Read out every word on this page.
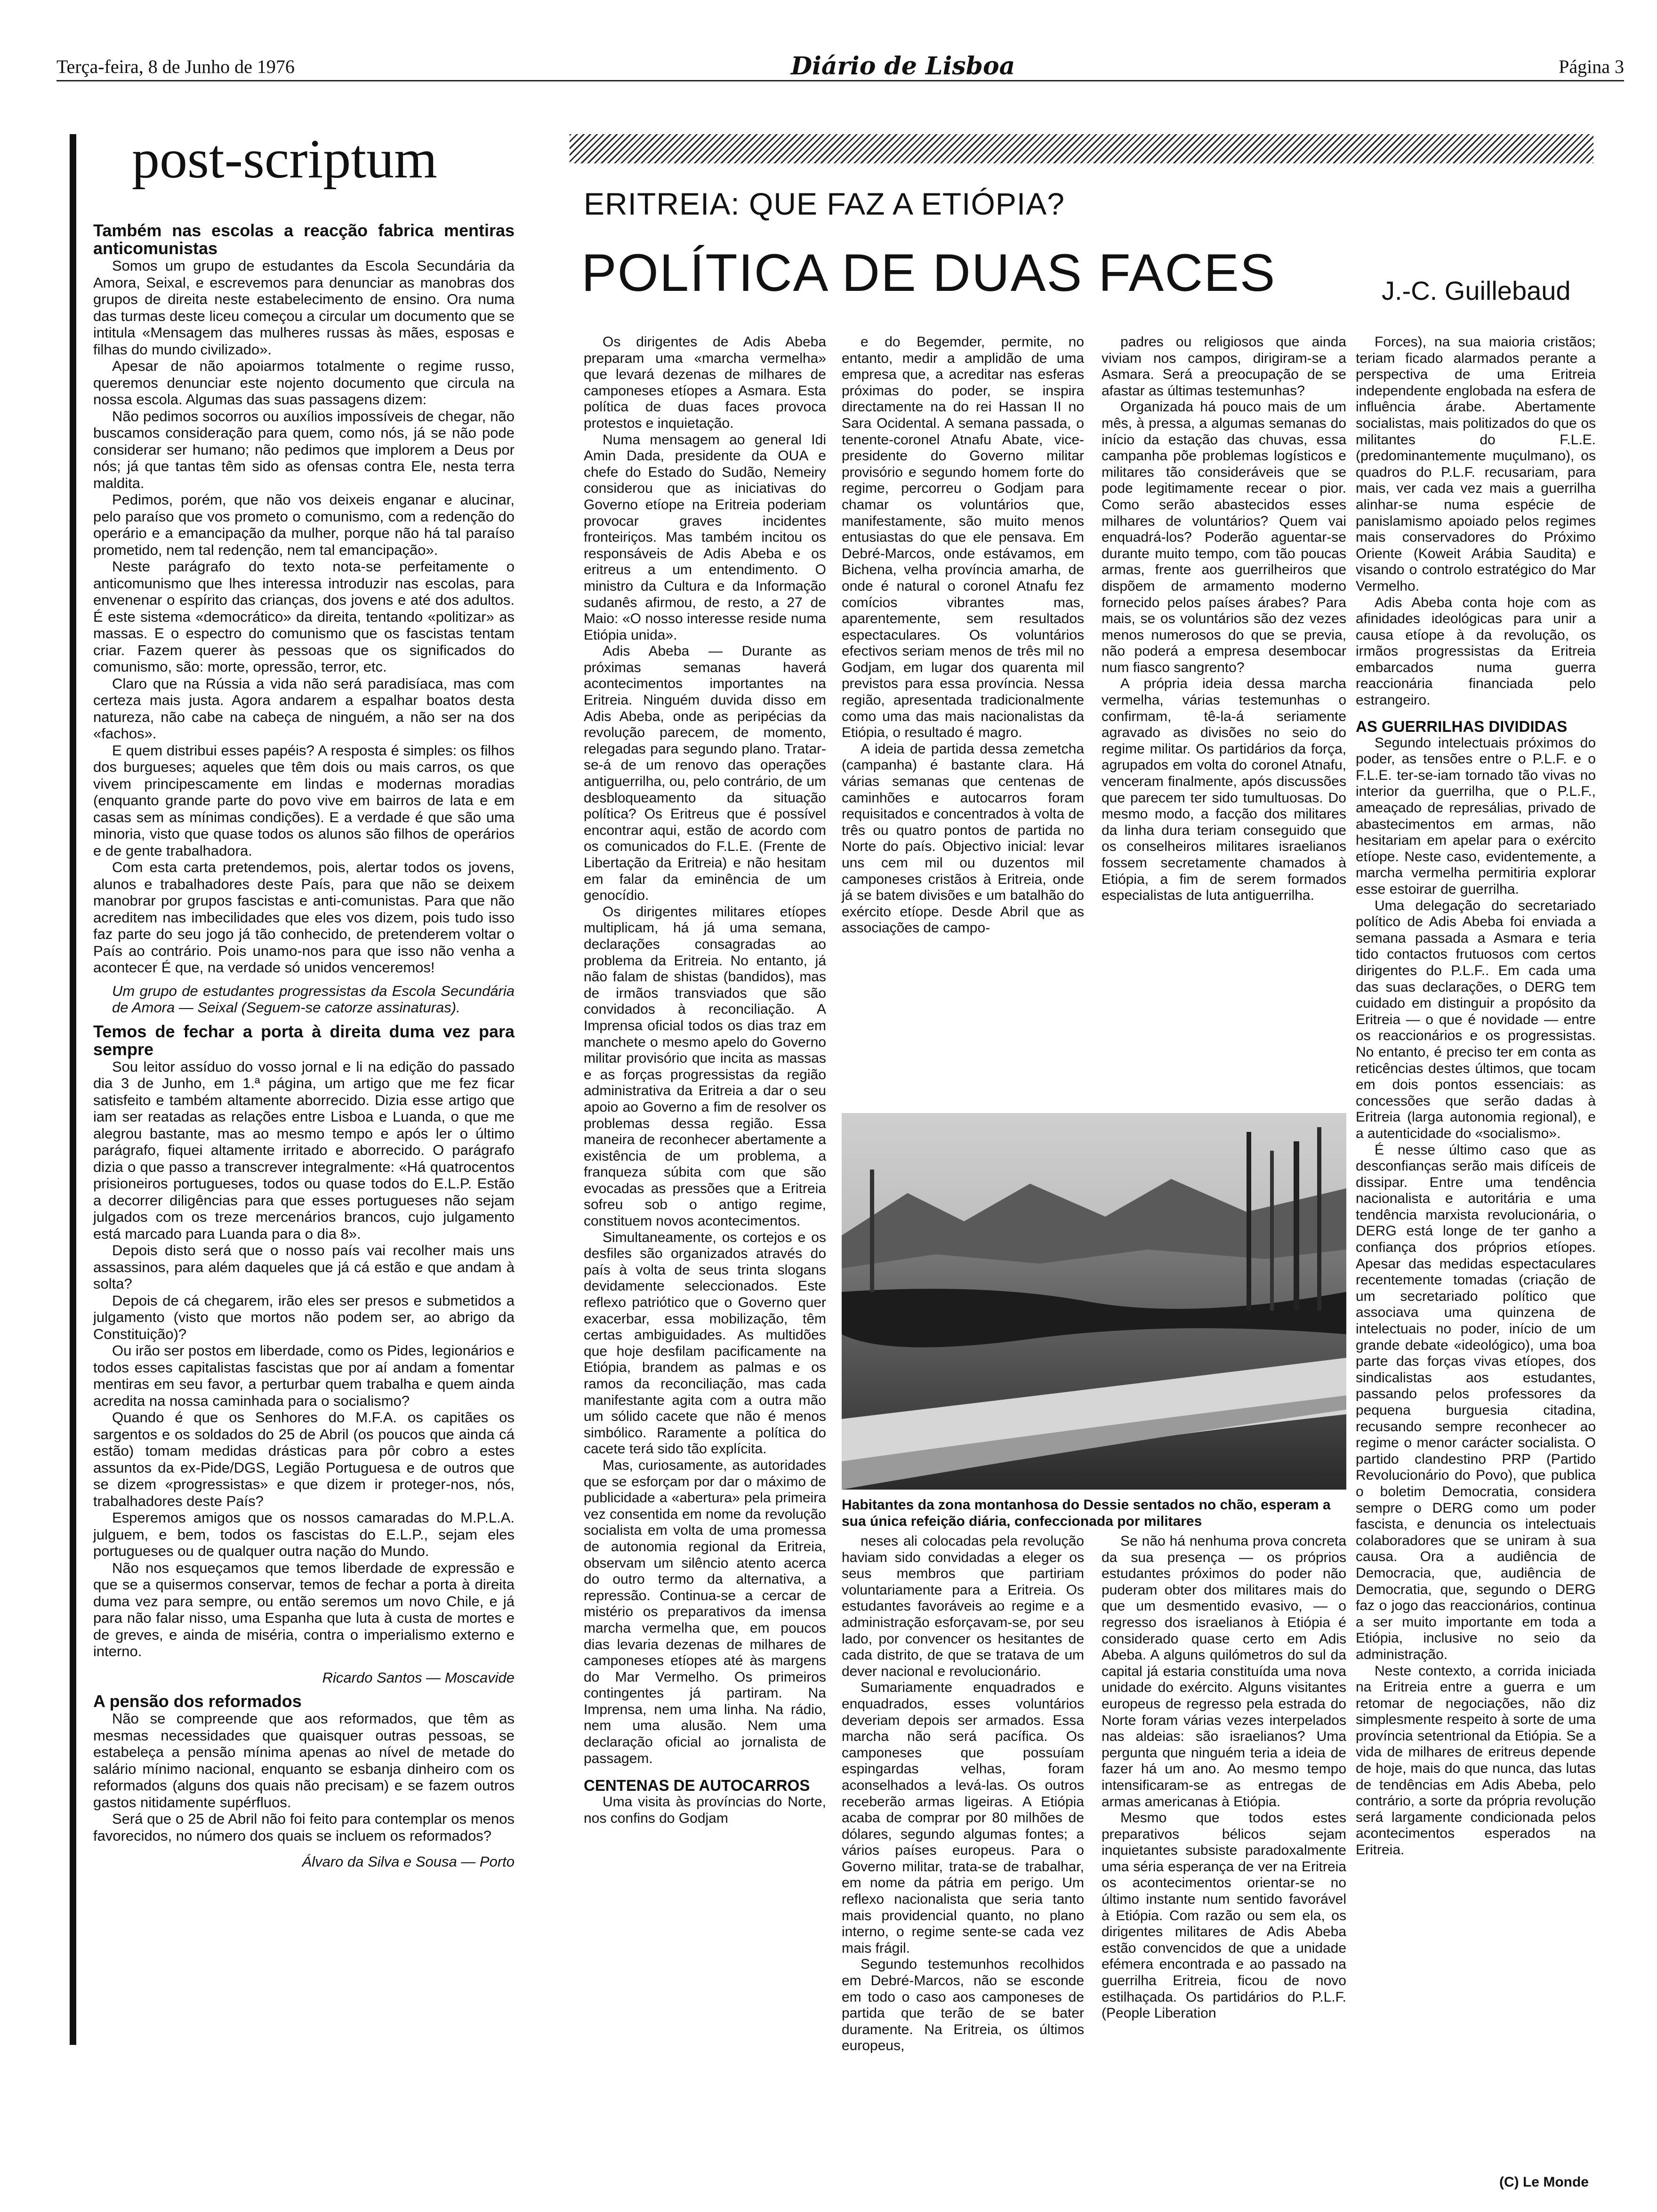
Terça-feira, 8 de Junho de 1976	Diário de Lisboa	Página 3
post-scriptum

Também nas escolas a reacção fabrica mentiras anticomunistas

Somos um grupo de estudantes da Escola Secundária da Amora, Seixal, e escrevemos para denunciar as manobras dos grupos de direita neste estabelecimento de ensino. Ora numa das turmas deste liceu começou a circular um documento que se intitula «Mensagem das mulheres russas às mães, esposas e filhas do mundo civilizado».

Apesar de não apoiarmos totalmente o regime russo, queremos denunciar este nojento documento que circula na nossa escola. Algumas das suas passagens dizem:

Não pedimos socorros ou auxílios impossíveis de chegar, não buscamos consideração para quem, como nós, já se não pode considerar ser humano; não pedimos que implorem a Deus por nós; já que tantas têm sido as ofensas contra Ele, nesta terra maldita.

Pedimos, porém, que não vos deixeis enganar e alucinar, pelo paraíso que vos prometo o comunismo, com a redenção do operário e a emancipação da mulher, porque não há tal paraíso prometido, nem tal redenção, nem tal emancipação».

Neste parágrafo do texto nota-se perfeitamente o anticomunismo que lhes interessa introduzir nas escolas, para envenenar o espírito das crianças, dos jovens e até dos adultos. É este sistema «democrático» da direita, tentando «politizar» as massas. E o espectro do comunismo que os fascistas tentam criar. Fazem querer às pessoas que os significados do comunismo, são: morte, opressão, terror, etc.

Claro que na Rússia a vida não será paradisíaca, mas com certeza mais justa. Agora andarem a espalhar boatos desta natureza, não cabe na cabeça de ninguém, a não ser na dos «fachos».

E quem distribui esses papéis? A resposta é simples: os filhos dos burgueses; aqueles que têm dois ou mais carros, os que vivem principescamente em lindas e modernas moradias (enquanto grande parte do povo vive em bairros de lata e em casas sem as mínimas condições). E a verdade é que são uma minoria, visto que quase todos os alunos são filhos de operários e de gente trabalhadora.

Com esta carta pretendemos, pois, alertar todos os jovens, alunos e trabalhadores deste País, para que não se deixem manobrar por grupos fascistas e anti-comunistas. Para que não acreditem nas imbecilidades que eles vos dizem, pois tudo isso faz parte do seu jogo já tão conhecido, de pretenderem voltar o País ao contrário. Pois unamo-nos para que isso não venha a acontecer É que, na verdade só unidos venceremos!

Um grupo de estudantes progressistas da Escola Secundária de Amora — Seixal (Seguem-se catorze assinaturas).

Temos de fechar a porta à direita duma vez para sempre

Sou leitor assíduo do vosso jornal e li na edição do passado dia 3 de Junho, em 1.ª página, um artigo que me fez ficar satisfeito e também altamente aborrecido. Dizia esse artigo que iam ser reatadas as relações entre Lisboa e Luanda, o que me alegrou bastante, mas ao mesmo tempo e após ler o último parágrafo, fiquei altamente irritado e aborrecido. O parágrafo dizia o que passo a transcrever integralmente: «Há quatrocentos prisioneiros portugueses, todos ou quase todos do E.L.P. Estão a decorrer diligências para que esses portugueses não sejam julgados com os treze mercenários brancos, cujo julgamento está marcado para Luanda para o dia 8».

Depois disto será que o nosso país vai recolher mais uns assassinos, para além daqueles que já cá estão e que andam à solta?

Depois de cá chegarem, irão eles ser presos e submetidos a julgamento (visto que mortos não podem ser, ao abrigo da Constituição)?

Ou irão ser postos em liberdade, como os Pides, legionários e todos esses capitalistas fascistas que por aí andam a fomentar mentiras em seu favor, a perturbar quem trabalha e quem ainda acredita na nossa caminhada para o socialismo?

Quando é que os Senhores do M.F.A. os capitães os sargentos e os soldados do 25 de Abril (os poucos que ainda cá estão) tomam medidas drásticas para pôr cobro a estes assuntos da ex-Pide/DGS, Legião Portuguesa e de outros que se dizem «progressistas» e que dizem ir proteger-nos, nós, trabalhadores deste País?

Esperemos amigos que os nossos camaradas do M.P.L.A. julguem, e bem, todos os fascistas do E.L.P., sejam eles portugueses ou de qualquer outra nação do Mundo.

Não nos esqueçamos que temos liberdade de expressão e que se a quisermos conservar, temos de fechar a porta à direita duma vez para sempre, ou então seremos um novo Chile, e já para não falar nisso, uma Espanha que luta à custa de mortes e de greves, e ainda de miséria, contra o imperialismo externo e interno.

Ricardo Santos — Moscavide

A pensão dos reformados

Não se compreende que aos reformados, que têm as mesmas necessidades que quaisquer outras pessoas, se estabeleça a pensão mínima apenas ao nível de metade do salário mínimo nacional, enquanto se esbanja dinheiro com os reformados (alguns dos quais não precisam) e se fazem outros gastos nitidamente supérfluos.

Será que o 25 de Abril não foi feito para contemplar os menos favorecidos, no número dos quais se incluem os reformados?

Álvaro da Silva e Sousa — Porto

ERITREIA: QUE FAZ A ETIÓPIA?
POLÍTICA DE DUAS FACES	J.-C. Guillebaud

Os dirigentes de Adis Abeba preparam uma «marcha vermelha» que levará dezenas de milhares de camponeses etíopes a Asmara. Esta política de duas faces provoca protestos e inquietação.

Numa mensagem ao general Idi Amin Dada, presidente da OUA e chefe do Estado do Sudão, Nemeiry considerou que as iniciativas do Governo etíope na Eritreia poderiam provocar graves incidentes fronteiriços. Mas também incitou os responsáveis de Adis Abeba e os eritreus a um entendimento. O ministro da Cultura e da Informação sudanês afirmou, de resto, a 27 de Maio: «O nosso interesse reside numa Etiópia unida».

Adis Abeba — Durante as próximas semanas haverá acontecimentos importantes na Eritreia. Ninguém duvida disso em Adis Abeba, onde as peripécias da revolução parecem, de momento, relegadas para segundo plano. Tratar-se-á de um renovo das operações antiguerrilha, ou, pelo contrário, de um desbloqueamento da situação política? Os Eritreus que é possível encontrar aqui, estão de acordo com os comunicados do F.L.E. (Frente de Libertação da Eritreia) e não hesitam em falar da eminência de um genocídio.

Os dirigentes militares etíopes multiplicam, há já uma semana, declarações consagradas ao problema da Eritreia. No entanto, já não falam de shistas (bandidos), mas de irmãos transviados que são convidados à reconciliação. A Imprensa oficial todos os dias traz em manchete o mesmo apelo do Governo militar provisório que incita as massas e as forças progressistas da região administrativa da Eritreia a dar o seu apoio ao Governo a fim de resolver os problemas dessa região. Essa maneira de reconhecer abertamente a existência de um problema, a franqueza súbita com que são evocadas as pressões que a Eritreia sofreu sob o antigo regime, constituem novos acontecimentos.

Simultaneamente, os cortejos e os desfiles são organizados através do país à volta de seus trinta slogans devidamente seleccionados. Este reflexo patriótico que o Governo quer exacerbar, essa mobilização, têm certas ambiguidades. As multidões que hoje desfilam pacificamente na Etiópia, brandem as palmas e os ramos da reconciliação, mas cada manifestante agita com a outra mão um sólido cacete que não é menos simbólico. Raramente a política do cacete terá sido tão explícita.

Mas, curiosamente, as autoridades que se esforçam por dar o máximo de publicidade a «abertura» pela primeira vez consentida em nome da revolução socialista em volta de uma promessa de autonomia regional da Eritreia, observam um silêncio atento acerca do outro termo da alternativa, a repressão. Continua-se a cercar de mistério os preparativos da imensa marcha vermelha que, em poucos dias levaria dezenas de milhares de camponeses etíopes até às margens do Mar Vermelho. Os primeiros contingentes já partiram. Na Imprensa, nem uma linha. Na rádio, nem uma alusão. Nem uma declaração oficial ao jornalista de passagem.

CENTENAS DE AUTOCARROS

Uma visita às províncias do Norte, nos confins do Godjam

e do Begemder, permite, no entanto, medir a amplidão de uma empresa que, a acreditar nas esferas próximas do poder, se inspira directamente na do rei Hassan II no Sara Ocidental. A semana passada, o tenente-coronel Atnafu Abate, vice-presidente do Governo militar provisório e segundo homem forte do regime, percorreu o Godjam para chamar os voluntários que, manifestamente, são muito menos entusiastas do que ele pensava. Em Debré-Marcos, onde estávamos, em Bichena, velha província amarha, de onde é natural o coronel Atnafu fez comícios vibrantes mas, aparentemente, sem resultados espectaculares. Os voluntários efectivos seriam menos de três mil no Godjam, em lugar dos quarenta mil previstos para essa província. Nessa região, apresentada tradicionalmente como uma das mais nacionalistas da Etiópia, o resultado é magro.

A ideia de partida dessa zemetcha (campanha) é bastante clara. Há várias semanas que centenas de caminhões e autocarros foram requisitados e concentrados à volta de três ou quatro pontos de partida no Norte do país. Objectivo inicial: levar uns cem mil ou duzentos mil camponeses cristãos à Eritreia, onde já se batem divisões e um batalhão do exército etíope. Desde Abril que as associações de campo-

padres ou religiosos que ainda viviam nos campos, dirigiram-se a Asmara. Será a preocupação de se afastar as últimas testemunhas?

Organizada há pouco mais de um mês, à pressa, a algumas semanas do início da estação das chuvas, essa campanha põe problemas logísticos e militares tão consideráveis que se pode legitimamente recear o pior. Como serão abastecidos esses milhares de voluntários? Quem vai enquadrá-los? Poderão aguentar-se durante muito tempo, com tão poucas armas, frente aos guerrilheiros que dispõem de armamento moderno fornecido pelos países árabes? Para mais, se os voluntários são dez vezes menos numerosos do que se previa, não poderá a empresa desembocar num fiasco sangrento?

A própria ideia dessa marcha vermelha, várias testemunhas o confirmam, tê-la-á seriamente agravado as divisões no seio do regime militar. Os partidários da força, agrupados em volta do coronel Atnafu, venceram finalmente, após discussões que parecem ter sido tumultuosas. Do mesmo modo, a facção dos militares da linha dura teriam conseguido que os conselheiros militares israelianos fossem secretamente chamados à Etiópia, a fim de serem formados especialistas de luta antiguerrilha.

Habitantes da zona montanhosa do Dessie sentados no chão, esperam a sua única refeição diária, confeccionada por militares

neses ali colocadas pela revolução haviam sido convidadas a eleger os seus membros que partiriam voluntariamente para a Eritreia. Os estudantes favoráveis ao regime e a administração esforçavam-se, por seu lado, por convencer os hesitantes de cada distrito, de que se tratava de um dever nacional e revolucionário.

Sumariamente enquadrados e enquadrados, esses voluntários deveriam depois ser armados. Essa marcha não será pacífica. Os camponeses que possuíam espingardas velhas, foram aconselhados a levá-las. Os outros receberão armas ligeiras. A Etiópia acaba de comprar por 80 milhões de dólares, segundo algumas fontes; a vários países europeus. Para o Governo militar, trata-se de trabalhar, em nome da pátria em perigo. Um reflexo nacionalista que seria tanto mais providencial quanto, no plano interno, o regime sente-se cada vez mais frágil.

Segundo testemunhos recolhidos em Debré-Marcos, não se esconde em todo o caso aos camponeses de partida que terão de se bater duramente. Na Eritreia, os últimos europeus,

Se não há nenhuma prova concreta da sua presença — os próprios estudantes próximos do poder não puderam obter dos militares mais do que um desmentido evasivo, — o regresso dos israelianos à Etiópia é considerado quase certo em Adis Abeba. A alguns quilómetros do sul da capital já estaria constituída uma nova unidade do exército. Alguns visitantes europeus de regresso pela estrada do Norte foram várias vezes interpelados nas aldeias: são israelianos? Uma pergunta que ninguém teria a ideia de fazer há um ano. Ao mesmo tempo intensificaram-se as entregas de armas americanas à Etiópia.

Mesmo que todos estes preparativos bélicos sejam inquietantes subsiste paradoxalmente uma séria esperança de ver na Eritreia os acontecimentos orientar-se no último instante num sentido favorável à Etiópia. Com razão ou sem ela, os dirigentes militares de Adis Abeba estão convencidos de que a unidade efémera encontrada e ao passado na guerrilha Eritreia, ficou de novo estilhaçada. Os partidários do P.L.F. (People Liberation

Forces), na sua maioria cristãos; teriam ficado alarmados perante a perspectiva de uma Eritreia independente englobada na esfera de influência árabe. Abertamente socialistas, mais politizados do que os militantes do F.L.E. (predominantemente muçulmano), os quadros do P.L.F. recusariam, para mais, ver cada vez mais a guerrilha alinhar-se numa espécie de panislamismo apoiado pelos regimes mais conservadores do Próximo Oriente (Koweit Arábia Saudita) e visando o controlo estratégico do Mar Vermelho.

Adis Abeba conta hoje com as afinidades ideológicas para unir a causa etíope à da revolução, os irmãos progressistas da Eritreia embarcados numa guerra reaccionária financiada pelo estrangeiro.

AS GUERRILHAS DIVIDIDAS

Segundo intelectuais próximos do poder, as tensões entre o P.L.F. e o F.L.E. ter-se-iam tornado tão vivas no interior da guerrilha, que o P.L.F., ameaçado de represálias, privado de abastecimentos em armas, não hesitariam em apelar para o exército etíope. Neste caso, evidentemente, a marcha vermelha permitiria explorar esse estoirar de guerrilha.

Uma delegação do secretariado político de Adis Abeba foi enviada a semana passada a Asmara e teria tido contactos frutuosos com certos dirigentes do P.L.F.. Em cada uma das suas declarações, o DERG tem cuidado em distinguir a propósito da Eritreia — o que é novidade — entre os reaccionários e os progressistas. No entanto, é preciso ter em conta as reticências destes últimos, que tocam em dois pontos essenciais: as concessões que serão dadas à Eritreia (larga autonomia regional), e a autenticidade do «socialismo».

É nesse último caso que as desconfianças serão mais difíceis de dissipar. Entre uma tendência nacionalista e autoritária e uma tendência marxista revolucionária, o DERG está longe de ter ganho a confiança dos próprios etíopes. Apesar das medidas espectaculares recentemente tomadas (criação de um secretariado político que associava uma quinzena de intelectuais no poder, início de um grande debate «ideológico), uma boa parte das forças vivas etíopes, dos sindicalistas aos estudantes, passando pelos professores da pequena burguesia citadina, recusando sempre reconhecer ao regime o menor carácter socialista. O partido clandestino PRP (Partido Revolucionário do Povo), que publica o boletim Democratia, considera sempre o DERG como um poder fascista, e denuncia os intelectuais colaboradores que se uniram à sua causa. Ora a audiência de Democracia, que, audiência de Democratia, que, segundo o DERG faz o jogo das reaccionários, continua a ser muito importante em toda a Etiópia, inclusive no seio da administração.

Neste contexto, a corrida iniciada na Eritreia entre a guerra e um retomar de negociações, não diz simplesmente respeito à sorte de uma província setentrional da Etiópia. Se a vida de milhares de eritreus depende de hoje, mais do que nunca, das lutas de tendências em Adis Abeba, pelo contrário, a sorte da própria revolução será largamente condicionada pelos acontecimentos esperados na Eritreia.

(C) Le Monde
